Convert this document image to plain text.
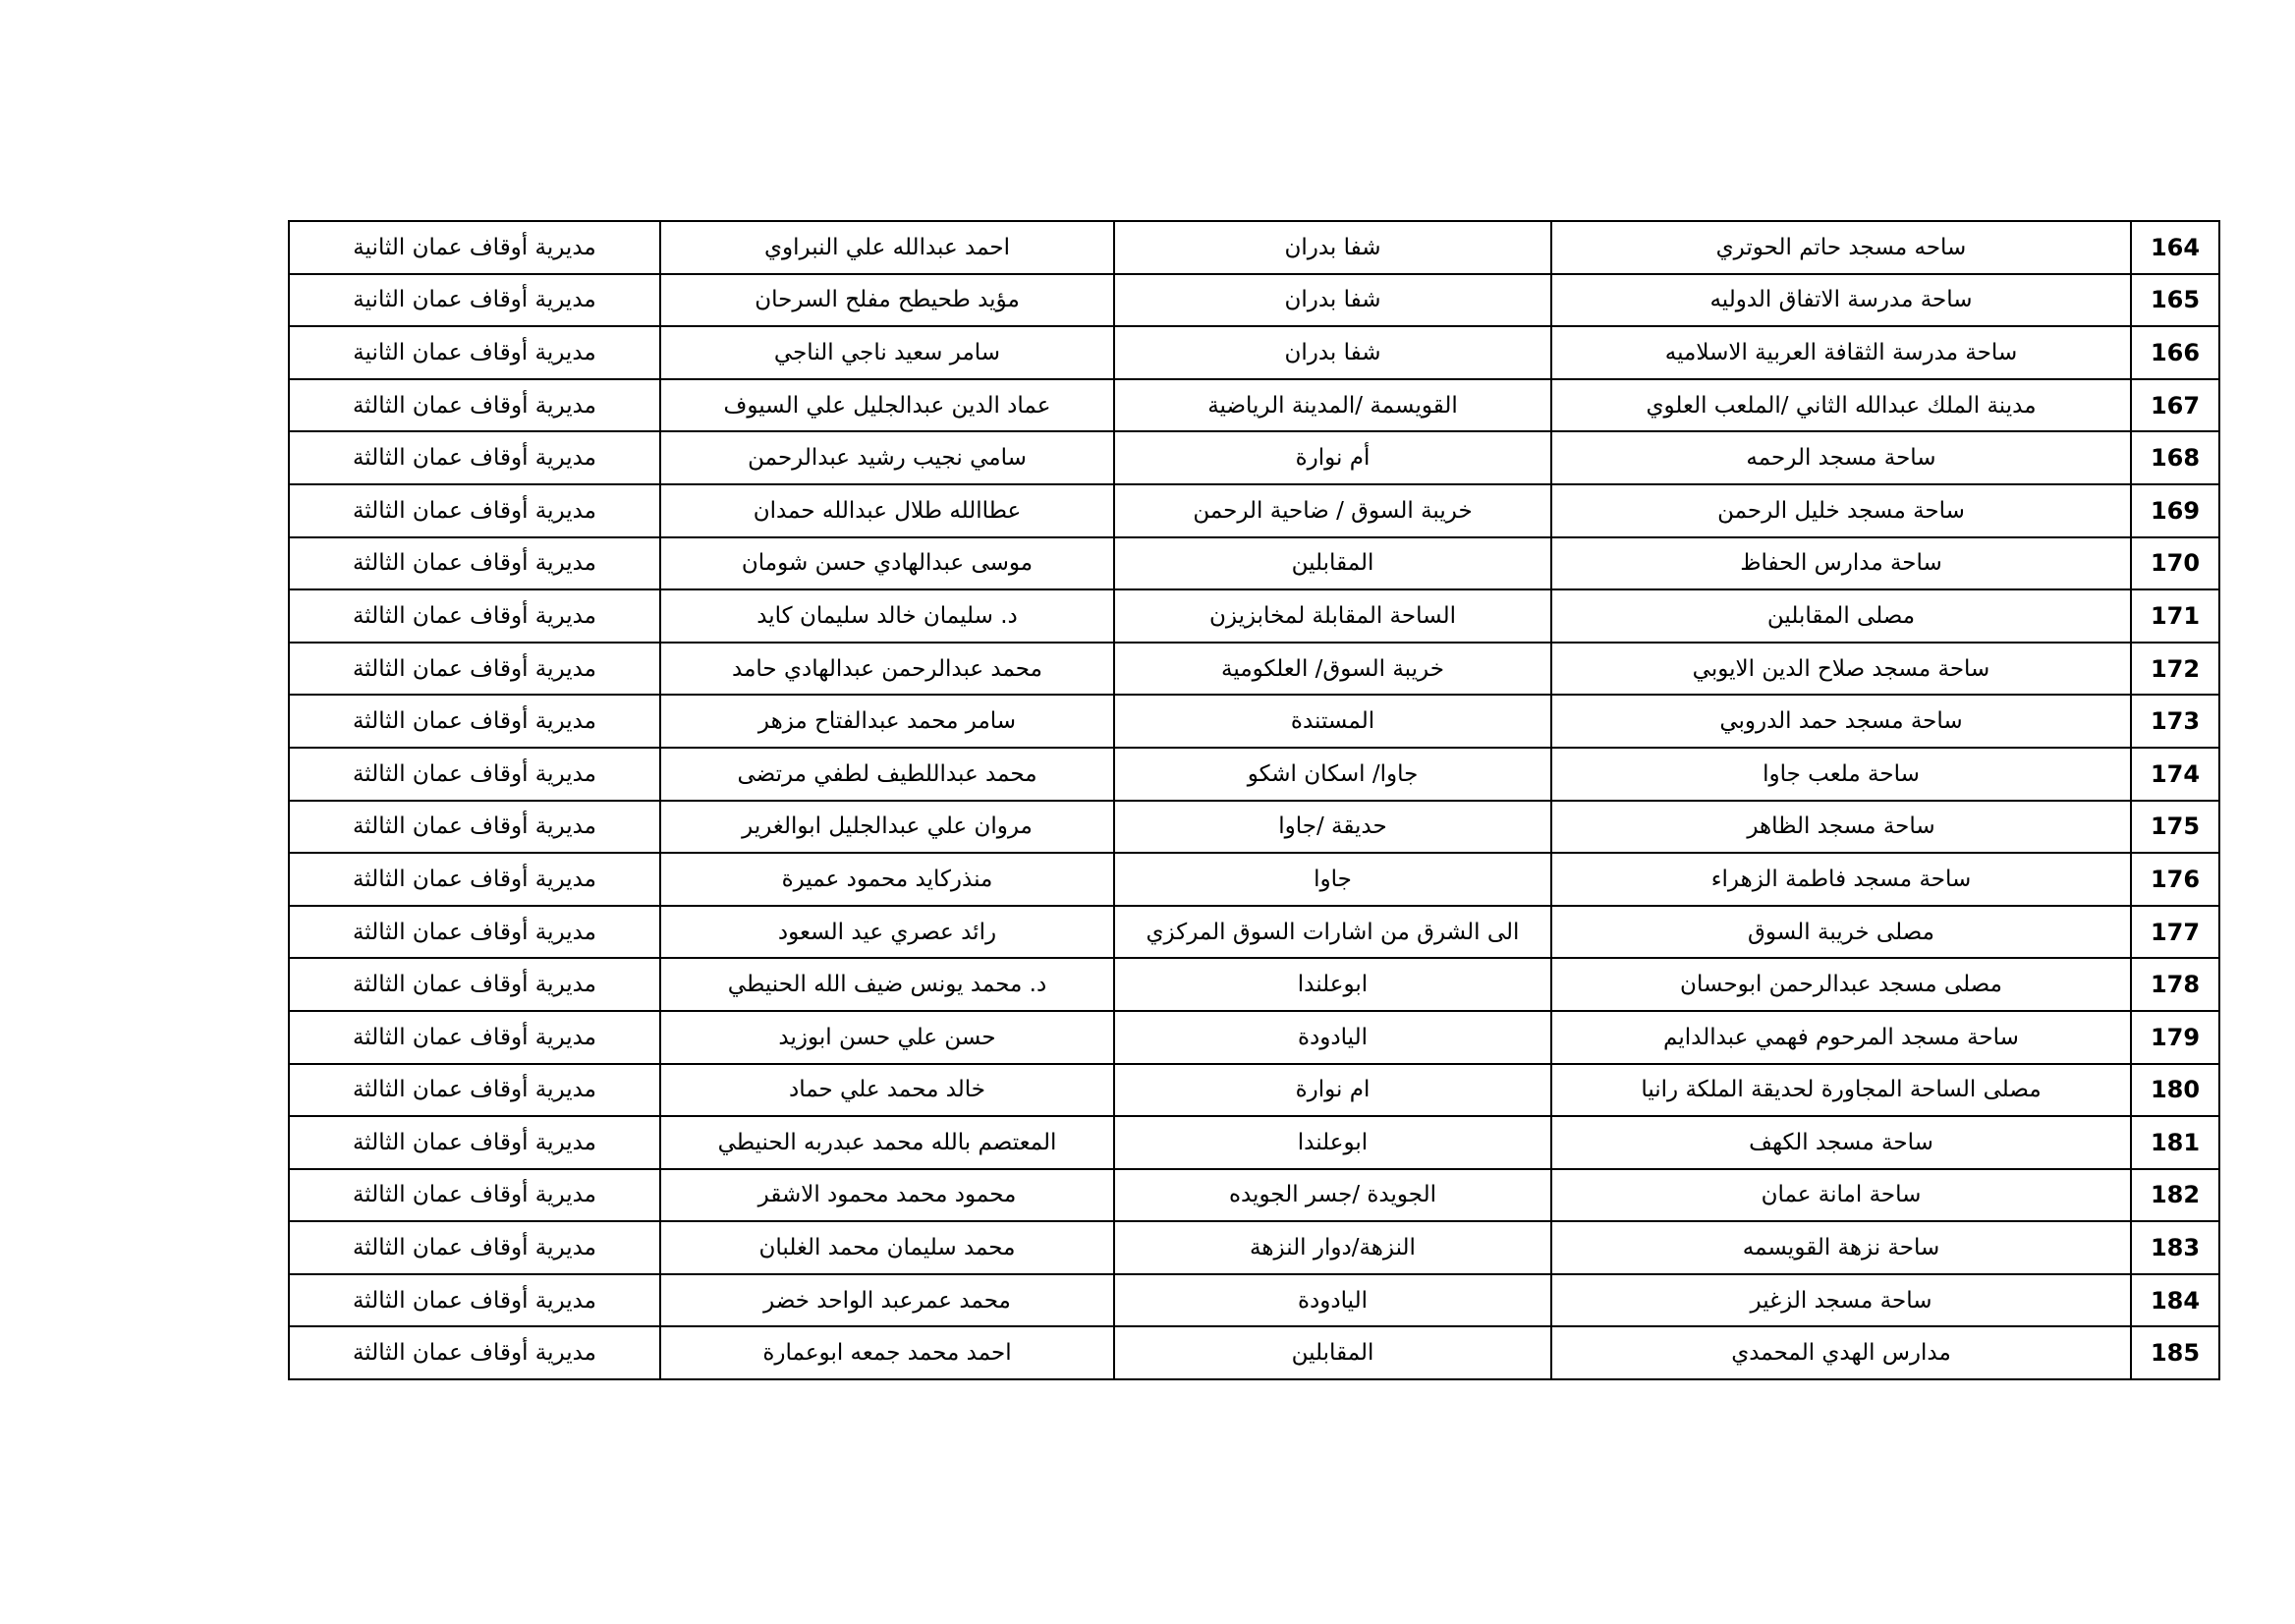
164	ساحه مسجد حاتم الحوتري	شفا بدران	احمد عبدالله علي النبراوي	مديرية أوقاف عمان الثانية
165	ساحة مدرسة الاتفاق الدوليه	شفا بدران	مؤيد طحيطح مفلح السرحان	مديرية أوقاف عمان الثانية
166	ساحة مدرسة الثقافة العربية الاسلاميه	شفا بدران	سامر سعيد ناجي الناجي	مديرية أوقاف عمان الثانية
167	مدينة الملك عبدالله الثاني /الملعب العلوي	القويسمة /المدينة الرياضية	عماد الدين عبدالجليل علي السيوف	مديرية أوقاف عمان الثالثة
168	ساحة مسجد الرحمه	أم نوارة	سامي نجيب رشيد عبدالرحمن	مديرية أوقاف عمان الثالثة
169	ساحة مسجد خليل الرحمن	خريبة السوق / ضاحية الرحمن	عطاالله طلال عبدالله حمدان	مديرية أوقاف عمان الثالثة
170	ساحة مدارس الحفاظ	المقابلين	موسى عبدالهادي حسن شومان	مديرية أوقاف عمان الثالثة
171	مصلى المقابلين	الساحة المقابلة لمخابزيزن	د. سليمان خالد سليمان كايد	مديرية أوقاف عمان الثالثة
172	ساحة مسجد صلاح الدين الايوبي	خريبة السوق/ العلكومية	محمد عبدالرحمن عبدالهادي حامد	مديرية أوقاف عمان الثالثة
173	ساحة مسجد حمد الدروبي	المستندة	سامر محمد عبدالفتاح مزهر	مديرية أوقاف عمان الثالثة
174	ساحة ملعب جاوا	جاوا/ اسكان اشكو	محمد عبداللطيف لطفي مرتضى	مديرية أوقاف عمان الثالثة
175	ساحة مسجد الظاهر	حديقة /جاوا	مروان علي عبدالجليل ابوالغرير	مديرية أوقاف عمان الثالثة
176	ساحة مسجد فاطمة الزهراء	جاوا	منذركايد محمود عميرة	مديرية أوقاف عمان الثالثة
177	مصلى خريبة السوق	الى الشرق من اشارات السوق المركزي	رائد عصري عيد السعود	مديرية أوقاف عمان الثالثة
178	مصلى مسجد عبدالرحمن ابوحسان	ابوعلندا	د. محمد يونس ضيف الله الحنيطي	مديرية أوقاف عمان الثالثة
179	ساحة مسجد المرحوم فهمي عبدالدايم	اليادودة	حسن علي حسن ابوزيد	مديرية أوقاف عمان الثالثة
180	مصلى الساحة المجاورة لحديقة الملكة رانيا	ام نوارة	خالد محمد علي حماد	مديرية أوقاف عمان الثالثة
181	ساحة مسجد الكهف	ابوعلندا	المعتصم بالله محمد عبدربه الحنيطي	مديرية أوقاف عمان الثالثة
182	ساحة امانة عمان	الجويدة /جسر الجويده	محمود محمد محمود الاشقر	مديرية أوقاف عمان الثالثة
183	ساحة نزهة القويسمه	النزهة/دوار النزهة	محمد سليمان محمد الغلبان	مديرية أوقاف عمان الثالثة
184	ساحة مسجد الزغير	اليادودة	محمد عمرعبد الواحد خضر	مديرية أوقاف عمان الثالثة
185	مدارس الهدي المحمدي	المقابلين	احمد محمد جمعه ابوعمارة	مديرية أوقاف عمان الثالثة
